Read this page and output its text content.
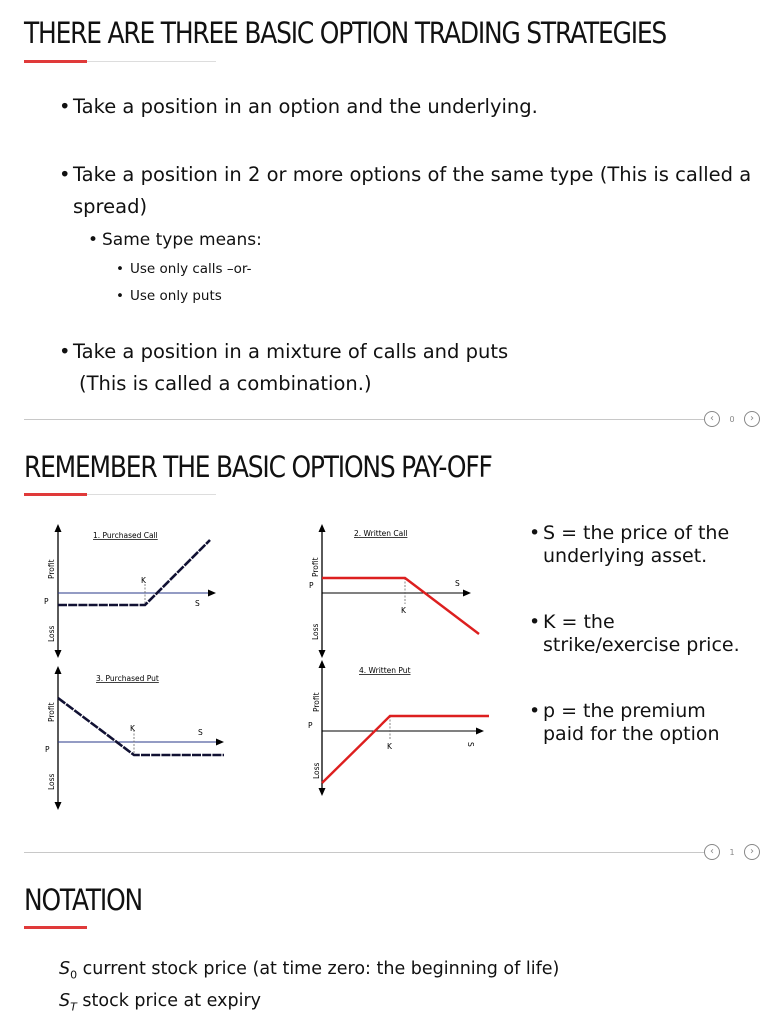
THERE ARE THREE BASIC OPTION TRADING STRATEGIES
• Take a position in an option and the underlying.
• Take a position in 2 or more options of the same type (This is called a
spread)
• Same type means:
• Use only calls –or-
• Use only puts
• Take a position in a mixture of calls and puts
(This is called a combination.)
‹ 0 ›
REMEMBER THE BASIC OPTIONS PAY-OFF
1. Purchased Call
Profit
Loss
P
K
S
2. Written Call
Profit
Loss
P
K
S
3. Purchased Put
Profit
Loss
P
K	S
4. Written Put
Profit
Loss
P
K	S
• S = the price of the
underlying asset.
• K = the
strike/exercise price.
• p = the premium
paid for the option
‹ 1 ›
NOTATION
$S_0$ current stock price (at time zero: the beginning of life)
$S_T$ stock price at expiry
